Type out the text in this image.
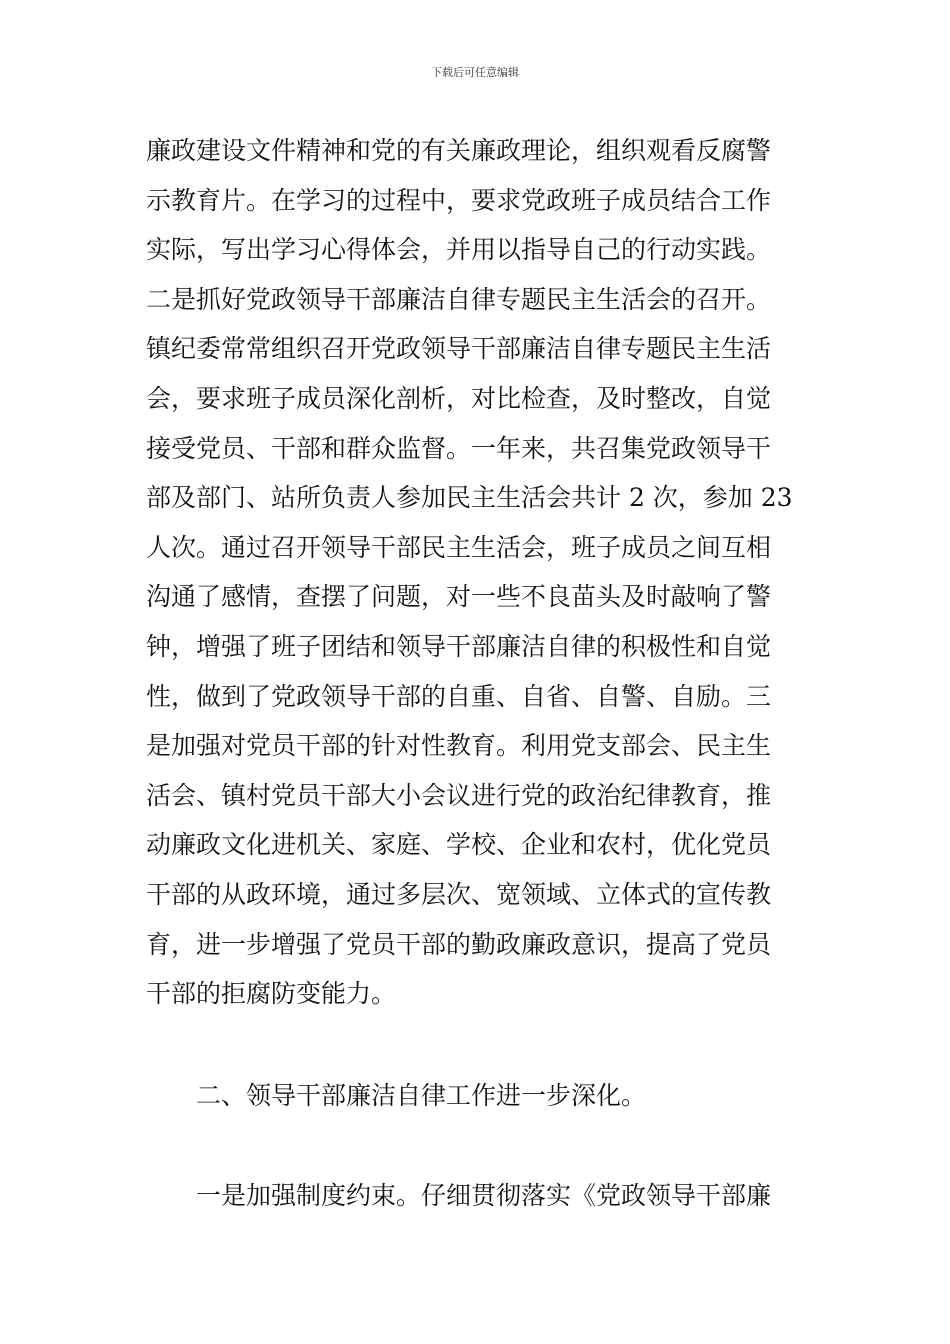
下载后可任意编辑
廉政建设文件精神和党的有关廉政理论，组织观看反腐警
示教育片。在学习的过程中，要求党政班子成员结合工作
实际，写出学习心得体会，并用以指导自己的行动实践。
二是抓好党政领导干部廉洁自律专题民主生活会的召开。
镇纪委常常组织召开党政领导干部廉洁自律专题民主生活
会，要求班子成员深化剖析，对比检查，及时整改，自觉
接受党员、干部和群众监督。一年来，共召集党政领导干
部及部门、站所负责人参加民主生活会共计 2 次，参加 23
人次。通过召开领导干部民主生活会，班子成员之间互相
沟通了感情，查摆了问题，对一些不良苗头及时敲响了警
钟，增强了班子团结和领导干部廉洁自律的积极性和自觉
性，做到了党政领导干部的自重、自省、自警、自励。三
是加强对党员干部的针对性教育。利用党支部会、民主生
活会、镇村党员干部大小会议进行党的政治纪律教育，推
动廉政文化进机关、家庭、学校、企业和农村，优化党员
干部的从政环境，通过多层次、宽领域、立体式的宣传教
育，进一步增强了党员干部的勤政廉政意识，提高了党员
干部的拒腐防变能力。
二、领导干部廉洁自律工作进一步深化。
一是加强制度约束。仔细贯彻落实《党政领导干部廉
